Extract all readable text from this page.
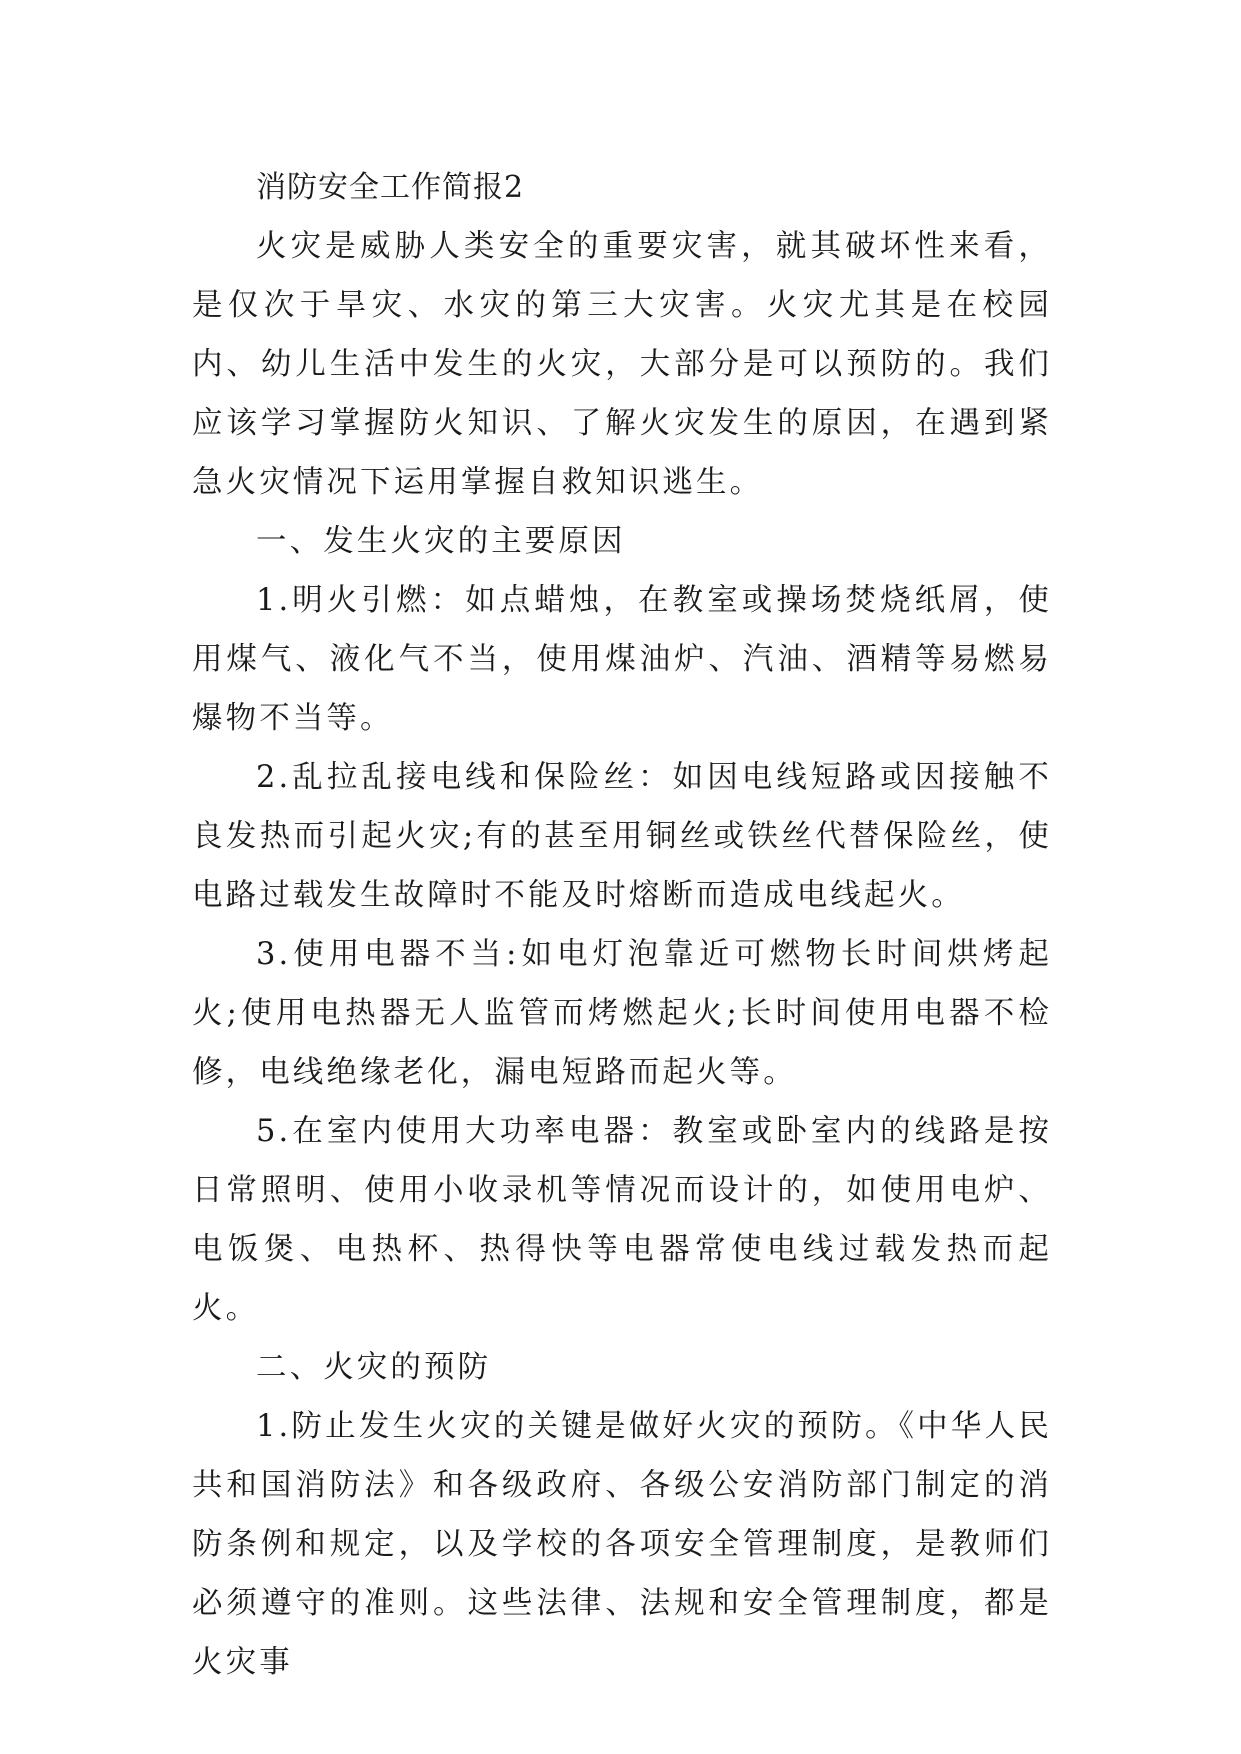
消防安全工作简报2

火灾是威胁人类安全的重要灾害，就其破坏性来看，是仅次于旱灾、水灾的第三大灾害。火灾尤其是在校园内、幼儿生活中发生的火灾，大部分是可以预防的。我们应该学习掌握防火知识、了解火灾发生的原因，在遇到紧急火灾情况下运用掌握自救知识逃生。

一、发生火灾的主要原因

1.明火引燃：如点蜡烛，在教室或操场焚烧纸屑，使用煤气、液化气不当，使用煤油炉、汽油、酒精等易燃易爆物不当等。

2.乱拉乱接电线和保险丝：如因电线短路或因接触不良发热而引起火灾;有的甚至用铜丝或铁丝代替保险丝，使电路过载发生故障时不能及时熔断而造成电线起火。

3.使用电器不当:如电灯泡靠近可燃物长时间烘烤起火;使用电热器无人监管而烤燃起火;长时间使用电器不检修，电线绝缘老化，漏电短路而起火等。

5.在室内使用大功率电器：教室或卧室内的线路是按日常照明、使用小收录机等情况而设计的，如使用电炉、电饭煲、电热杯、热得快等电器常使电线过载发热而起火。

二、火灾的预防

1.防止发生火灾的关键是做好火灾的预防。《中华人民共和国消防法》和各级政府、各级公安消防部门制定的消防条例和规定，以及学校的各项安全管理制度，是教师们必须遵守的准则。这些法律、法规和安全管理制度，都是火灾事
